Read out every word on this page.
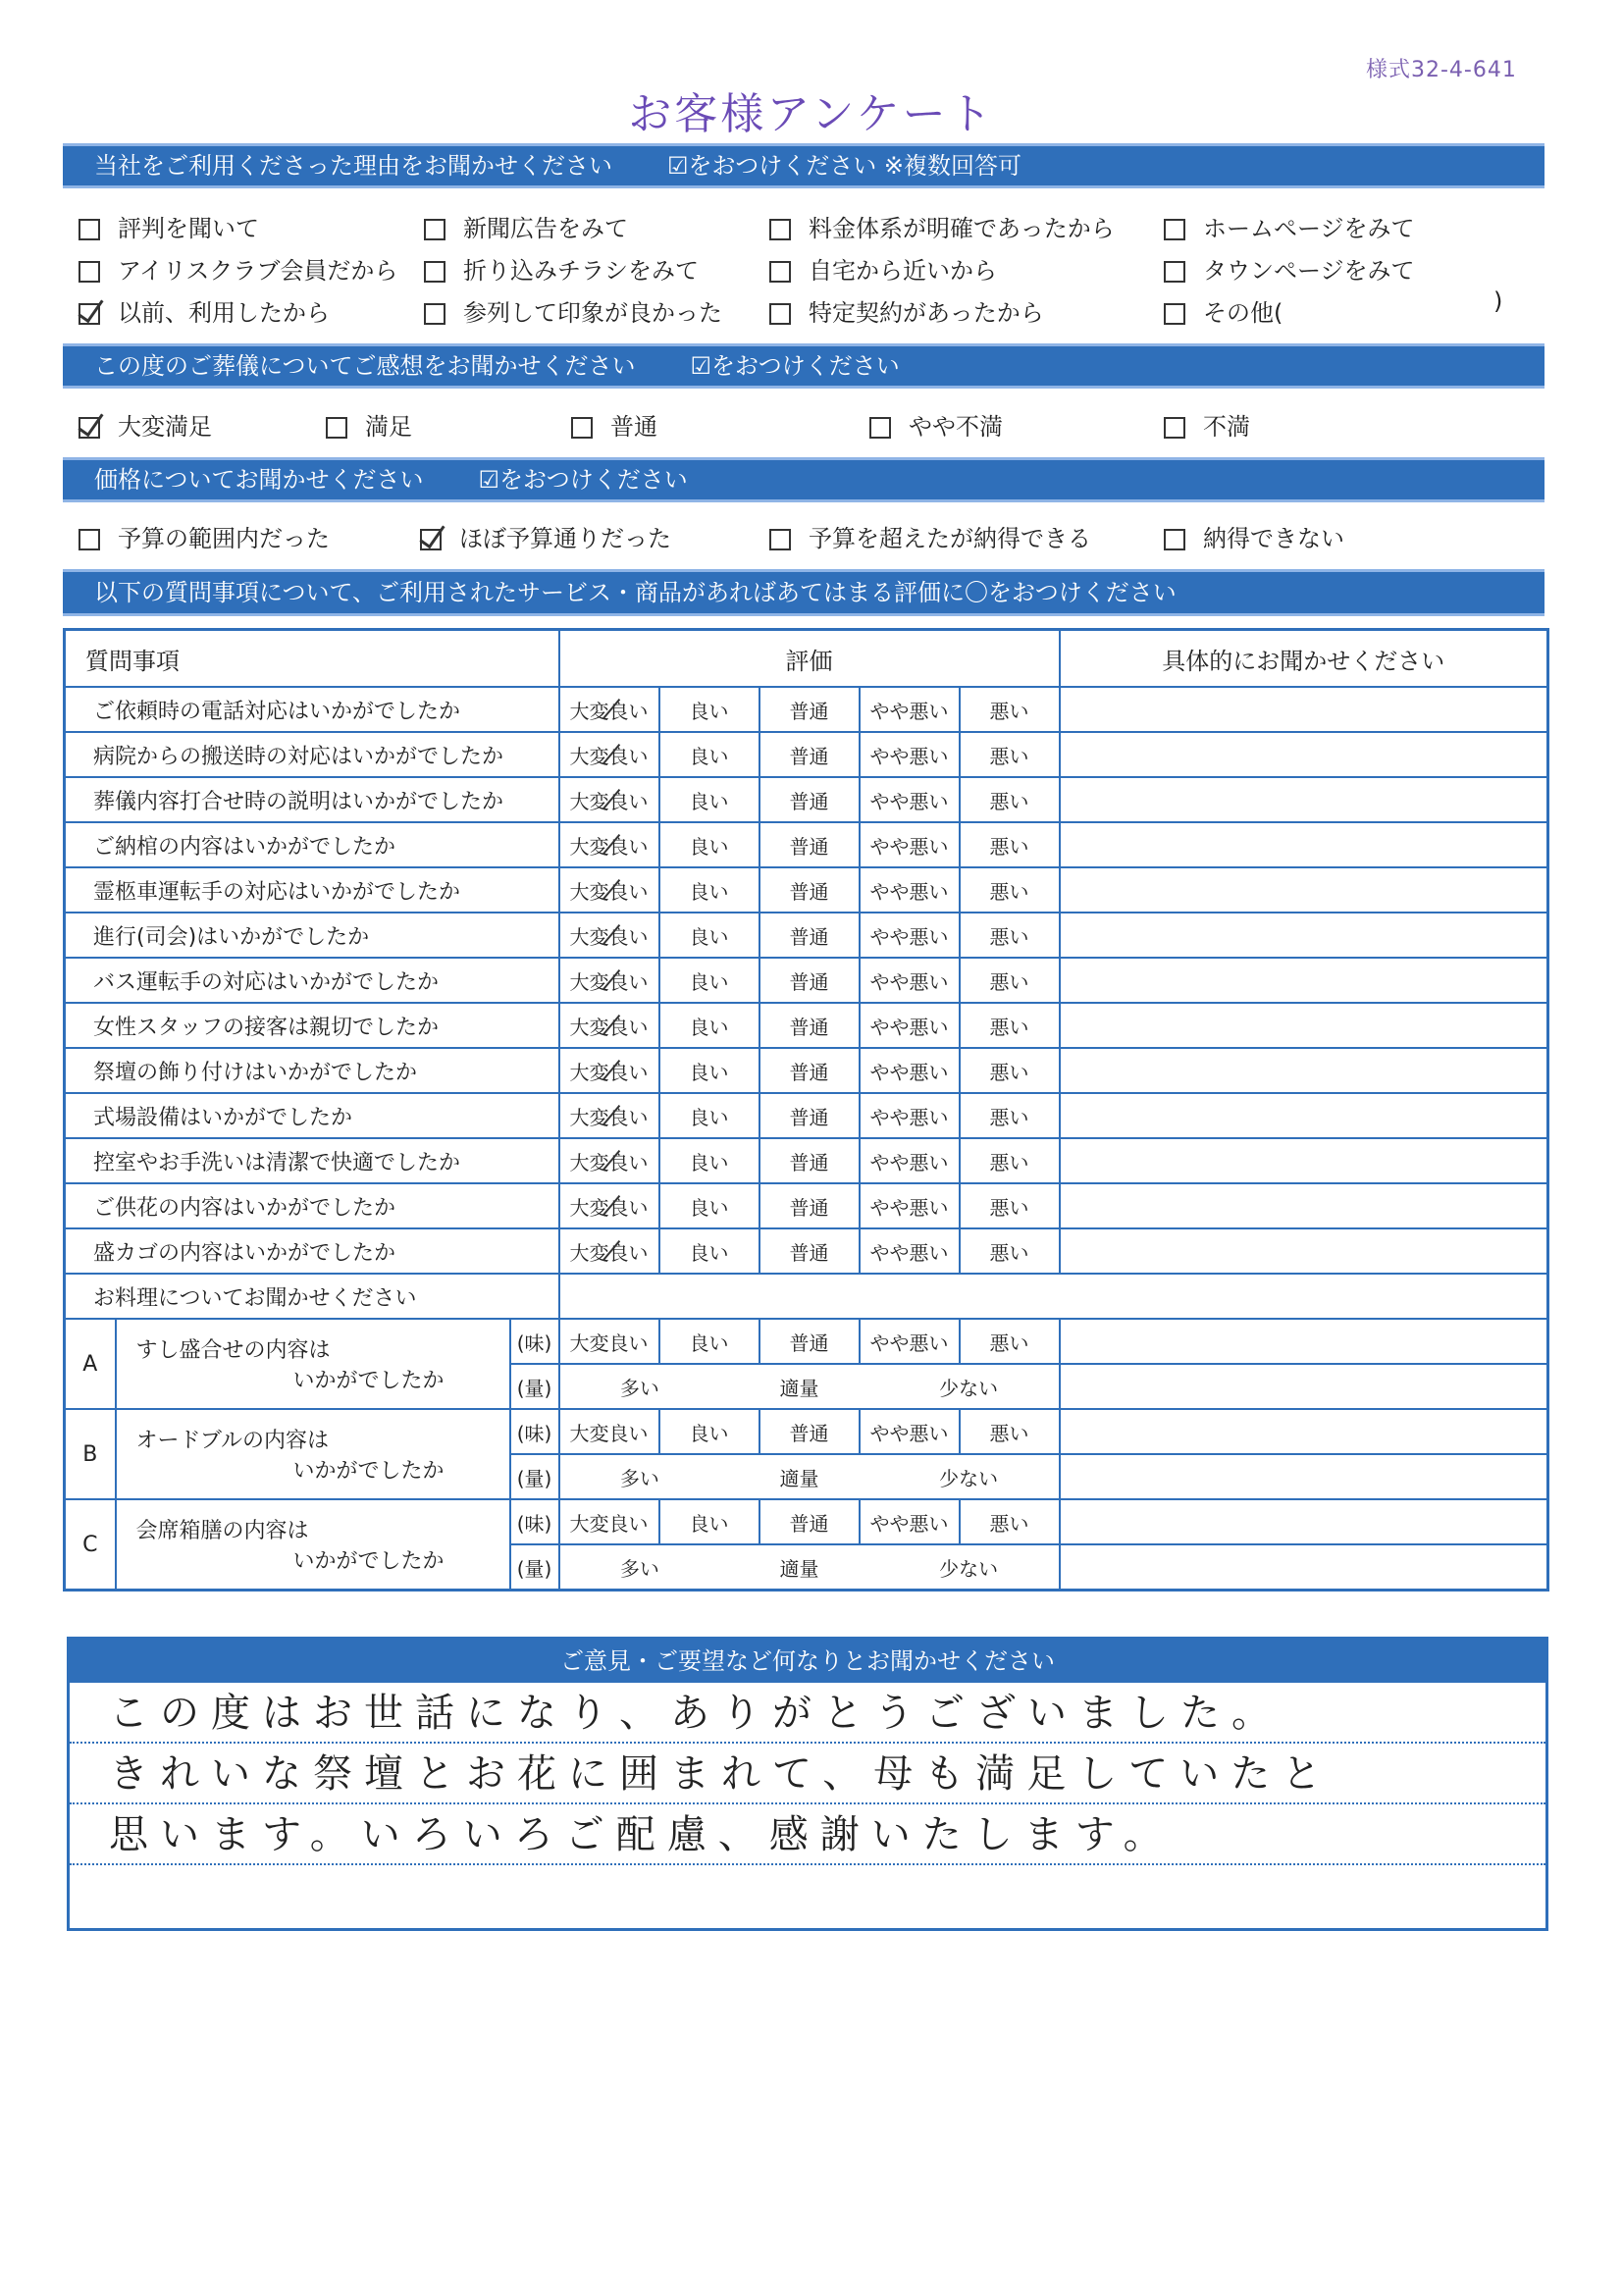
様式32-4-641
お客様アンケート
当社をご利用くださった理由をお聞かせください ☑をおつけください ※複数回答可
)
この度のご葬儀についてご感想をお聞かせください ☑をおつけください
価格についてお聞かせください ☑をおつけください
以下の質問事項について、ご利用されたサービス・商品があればあてはまる評価に〇をおつけください
質問事項			評価					具体的にお聞かせください
ご依頼時の電話対応はいかがでしたか			大変良い	良い	普通	やや悪い	悪い	
病院からの搬送時の対応はいかがでしたか			大変良い	良い	普通	やや悪い	悪い	
葬儀内容打合せ時の説明はいかがでしたか			大変良い	良い	普通	やや悪い	悪い	
ご納棺の内容はいかがでしたか			大変良い	良い	普通	やや悪い	悪い	
霊柩車運転手の対応はいかがでしたか			大変良い	良い	普通	やや悪い	悪い	
進行(司会)はいかがでしたか			大変良い	良い	普通	やや悪い	悪い	
バス運転手の対応はいかがでしたか			大変良い	良い	普通	やや悪い	悪い	
女性スタッフの接客は親切でしたか			大変良い	良い	普通	やや悪い	悪い	
祭壇の飾り付けはいかがでしたか			大変良い	良い	普通	やや悪い	悪い	
式場設備はいかがでしたか			大変良い	良い	普通	やや悪い	悪い	
控室やお手洗いは清潔で快適でしたか			大変良い	良い	普通	やや悪い	悪い	
ご供花の内容はいかがでしたか			大変良い	良い	普通	やや悪い	悪い	
盛カゴの内容はいかがでしたか			大変良い	良い	普通	やや悪い	悪い	
お料理についてお聞かせください								
A	すし盛合せの内容は
いかがでしたか	(味)	大変良い	良い	普通	やや悪い	悪い	
		(量)	多い 適量 少ない					

B	オードブルの内容は
いかがでしたか	(味)	大変良い	良い	普通	やや悪い	悪い	
		(量)	多い 適量 少ない					

C	会席箱膳の内容は
いかがでしたか	(味)	大変良い	良い	普通	やや悪い	悪い	
		(量)	多い 適量 少ない					

ご意見・ご要望など何なりとお聞かせください
この度はお世話になり、ありがとうございました。
きれいな祭壇とお花に囲まれて、母も満足していたと
思います。いろいろご配慮、感謝いたします。
評判を聞いて	新聞広告をみて	料金体系が明確であったから	ホームページをみて
アイリスクラブ会員だから	折り込みチラシをみて	自宅から近いから	タウンページをみて
以前、利用したから	参列して印象が良かった	特定契約があったから	その他(
大変満足	満足	普通	やや不満	不満
予算の範囲内だった	ほぼ予算通りだった	予算を超えたが納得できる	納得できない
